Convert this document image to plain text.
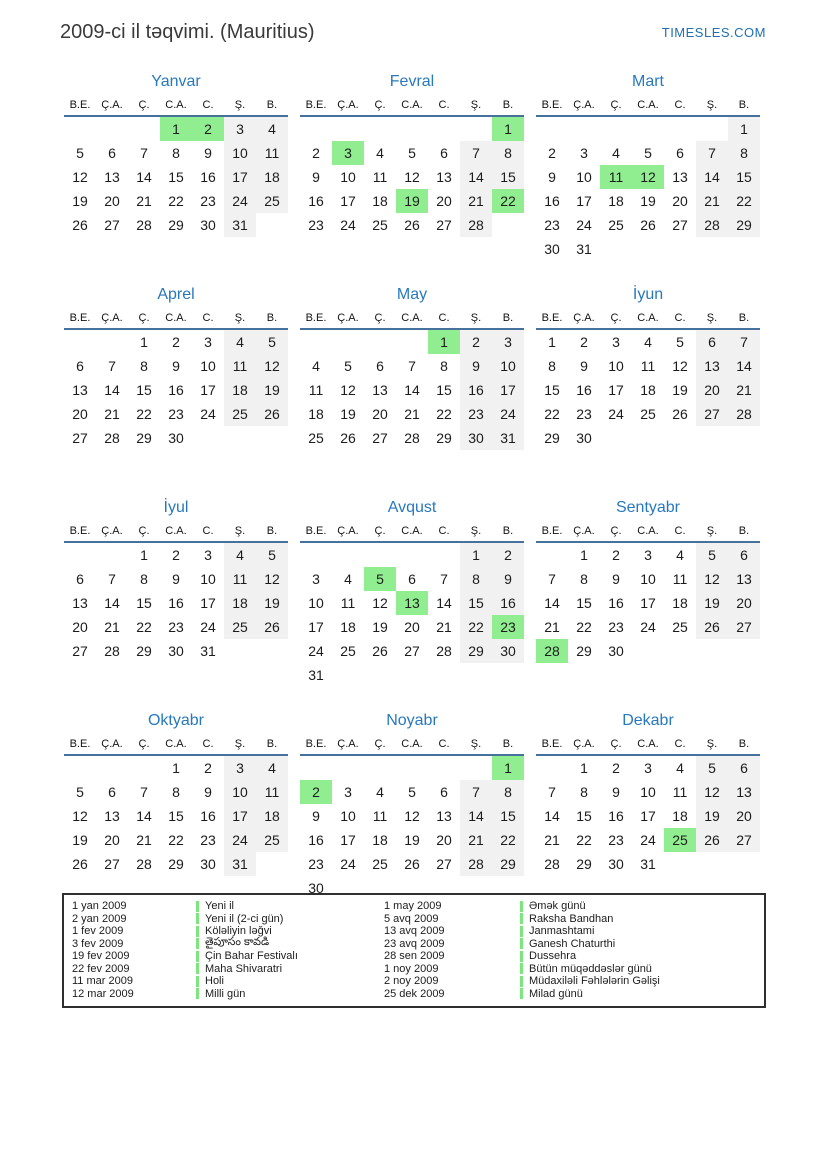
2009-ci il təqvimi. (Mauritius)	TIMESLES.COM
Yanvar
B.E.	Ç.A.	Ç.	C.A.	C.	Ş.	B.
			1	2	3	4
5	6	7	8	9	10	11
12	13	14	15	16	17	18
19	20	21	22	23	24	25
26	27	28	29	30	31	
Fevral
B.E.	Ç.A.	Ç.	C.A.	C.	Ş.	B.
						1
2	3	4	5	6	7	8
9	10	11	12	13	14	15
16	17	18	19	20	21	22
23	24	25	26	27	28	
Mart
B.E.	Ç.A.	Ç.	C.A.	C.	Ş.	B.
						1
2	3	4	5	6	7	8
9	10	11	12	13	14	15
16	17	18	19	20	21	22
23	24	25	26	27	28	29
30	31					
Aprel
B.E.	Ç.A.	Ç.	C.A.	C.	Ş.	B.
		1	2	3	4	5
6	7	8	9	10	11	12
13	14	15	16	17	18	19
20	21	22	23	24	25	26
27	28	29	30			
May
B.E.	Ç.A.	Ç.	C.A.	C.	Ş.	B.
				1	2	3
4	5	6	7	8	9	10
11	12	13	14	15	16	17
18	19	20	21	22	23	24
25	26	27	28	29	30	31
İyun
B.E.	Ç.A.	Ç.	C.A.	C.	Ş.	B.
1	2	3	4	5	6	7
8	9	10	11	12	13	14
15	16	17	18	19	20	21
22	23	24	25	26	27	28
29	30					
İyul
B.E.	Ç.A.	Ç.	C.A.	C.	Ş.	B.
		1	2	3	4	5
6	7	8	9	10	11	12
13	14	15	16	17	18	19
20	21	22	23	24	25	26
27	28	29	30	31		
Avqust
B.E.	Ç.A.	Ç.	C.A.	C.	Ş.	B.
					1	2
3	4	5	6	7	8	9
10	11	12	13	14	15	16
17	18	19	20	21	22	23
24	25	26	27	28	29	30
31						
Sentyabr
B.E.	Ç.A.	Ç.	C.A.	C.	Ş.	B.
	1	2	3	4	5	6
7	8	9	10	11	12	13
14	15	16	17	18	19	20
21	22	23	24	25	26	27
28	29	30				
Oktyabr
B.E.	Ç.A.	Ç.	C.A.	C.	Ş.	B.
			1	2	3	4
5	6	7	8	9	10	11
12	13	14	15	16	17	18
19	20	21	22	23	24	25
26	27	28	29	30	31	
Noyabr
B.E.	Ç.A.	Ç.	C.A.	C.	Ş.	B.
						1
2	3	4	5	6	7	8
9	10	11	12	13	14	15
16	17	18	19	20	21	22
23	24	25	26	27	28	29
30						
Dekabr
B.E.	Ç.A.	Ç.	C.A.	C.	Ş.	B.
	1	2	3	4	5	6
7	8	9	10	11	12	13
14	15	16	17	18	19	20
21	22	23	24	25	26	27
28	29	30	31			
1 yan 2009	Yeni il
2 yan 2009	Yeni il (2-ci gün)
1 fev 2009	Köləliyin ləğvi
3 fev 2009	తైపూసం కావడి
19 fev 2009	Çin Bahar Festivalı
22 fev 2009	Maha Shivaratri
11 mar 2009	Holi
12 mar 2009	Milli gün
1 may 2009	Əmək günü
5 avq 2009	Raksha Bandhan
13 avq 2009	Janmashtami
23 avq 2009	Ganesh Chaturthi
28 sen 2009	Dussehra
1 noy 2009	Bütün müqəddəslər günü
2 noy 2009	Müdaxiləli Fəhlələrin Gəlişi
25 dek 2009	Milad günü
